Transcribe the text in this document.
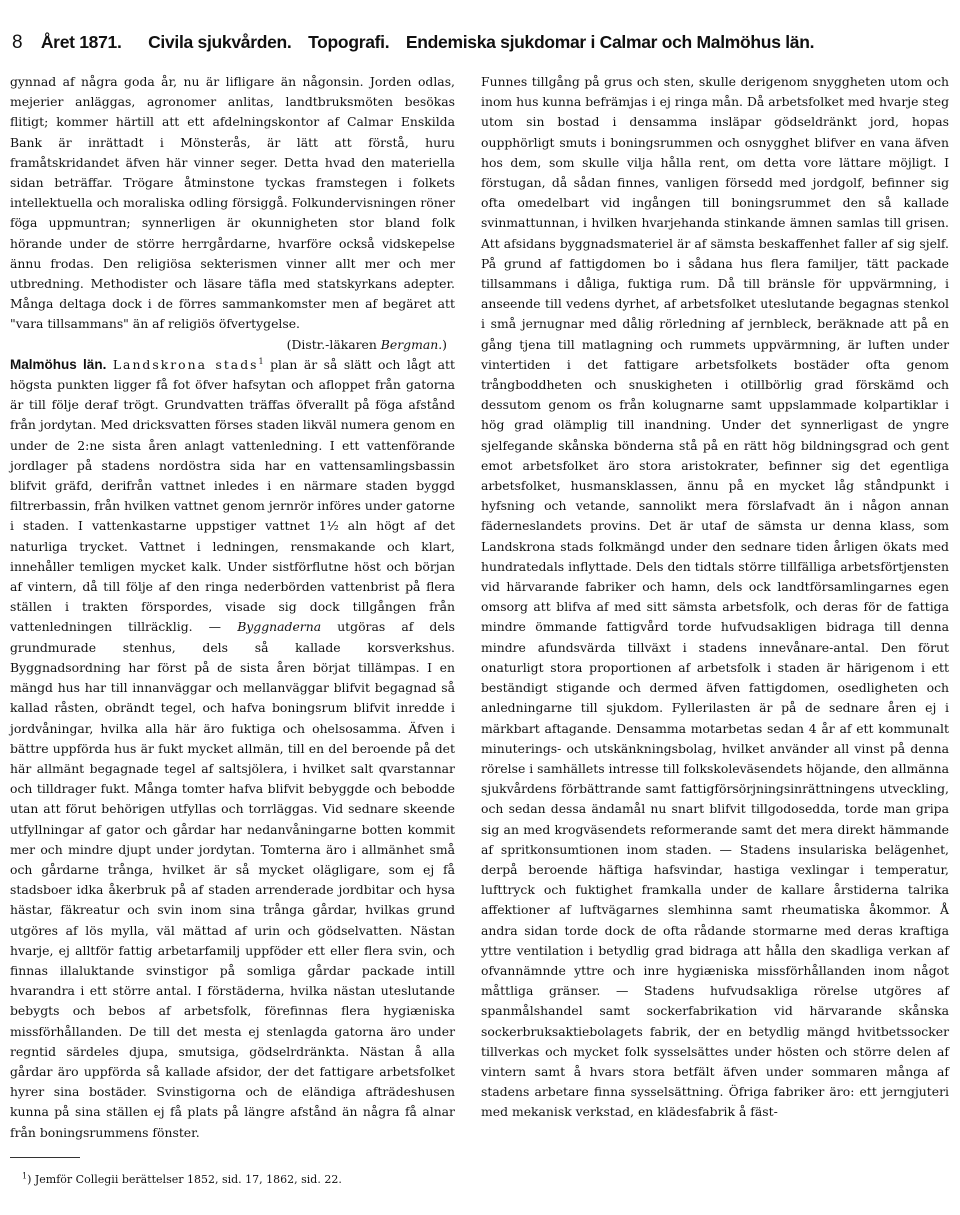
8 Året 1871. Civila sjukvården. Topografi. Endemiska sjukdomar i Calmar och Malmöhus län.

gynnad af några goda år, nu är lifligare än någonsin. Jorden odlas, mejerier anläggas, agronomer anlitas, landtbruksmöten besökas flitigt; kommer härtill att ett afdelningskontor af Calmar Enskilda Bank är inrättadt i Mönsterås, är lätt att förstå, huru framåtskridandet äfven här vinner seger. Detta hvad den materiella sidan beträffar. Trögare åtminstone tyckas framstegen i folkets intellektuella och moraliska odling försiggå. Folkundervisningen röner föga uppmuntran; synnerligen är okunnigheten stor bland folk hörande under de större herrgårdarne, hvarföre också vidskepelse ännu frodas. Den religiösa sekterismen vinner allt mer och mer utbredning. Methodister och läsare täfla med statskyrkans adepter. Många deltaga dock i de förres sammankomster men af begäret att "vara tillsammans" än af religiös öfvertygelse.

(Distr.-läkaren Bergman.)

Malmöhus län. Landskrona stads$^1$ plan är så slätt och lågt att högsta punkten ligger få fot öfver hafsytan och afloppet från gatorna är till följe deraf trögt. Grundvatten träffas öfverallt på föga afstånd från jordytan. Med dricksvatten förses staden likväl numera genom en under de 2:ne sista åren anlagt vattenledning. I ett vattenförande jordlager på stadens nordöstra sida har en vattensamlingsbassin blifvit gräfd, derifrån vattnet inledes i en närmare staden byggd filtrerbassin, från hvilken vattnet genom jernrör införes under gatorne i staden. I vattenkastarne uppstiger vattnet 1½ aln högt af det naturliga trycket. Vattnet i ledningen, rensmakande och klart, innehåller temligen mycket kalk. Under sistförflutne höst och början af vintern, då till följe af den ringa nederbörden vattenbrist på flera ställen i trakten förspordes, visade sig dock tillgången från vattenledningen tillräcklig. — Byggnaderna utgöras af dels grundmurade stenhus, dels så kallade korsverkshus. Byggnadsordning har först på de sista åren börjat tillämpas. I en mängd hus har till innanväggar och mellanväggar blifvit begagnad så kallad råsten, obrändt tegel, och hafva boningsrum blifvit inredde i jordvåningar, hvilka alla här äro fuktiga och ohelsosamma. Äfven i bättre uppförda hus är fukt mycket allmän, till en del beroende på det här allmänt begagnade tegel af saltsjölera, i hvilket salt qvarstannar och tilldrager fukt. Många tomter hafva blifvit bebyggde och bebodde utan att förut behörigen utfyllas och torrläggas. Vid sednare skeende utfyllningar af gator och gårdar har nedanvåningarne botten kommit mer och mindre djupt under jordytan. Tomterna äro i allmänhet små och gårdarne trånga, hvilket är så mycket olägligare, som ej få stadsboer idka åkerbruk på af staden arrenderade jordbitar och hysa hästar, fäkreatur och svin inom sina trånga gårdar, hvilkas grund utgöres af lös mylla, väl mättad af urin och gödselvatten. Nästan hvarje, ej alltför fattig arbetarfamilj uppföder ett eller flera svin, och finnas illaluktande svinstigor på somliga gårdar packade intill hvarandra i ett större antal. I förstäderna, hvilka nästan uteslutande bebygts och bebos af arbetsfolk, förefinnas flera hygiæniska missförhållanden. De till det mesta ej stenlagda gatorna äro under regntid särdeles djupa, smutsiga, gödselrdränkta. Nästan å alla gårdar äro uppförda så kallade afsidor, der det fattigare arbetsfolket hyrer sina bostäder. Svinstigorna och de eländiga afträdeshusen kunna på sina ställen ej få plats på längre afstånd än några få alnar från boningsrummens fönster.

Funnes tillgång på grus och sten, skulle derigenom snyggheten utom och inom hus kunna befrämjas i ej ringa mån. Då arbetsfolket med hvarje steg utom sin bostad i densamma insläpar gödseldränkt jord, hopas oupphörligt smuts i boningsrummen och osnygghet blifver en vana äfven hos dem, som skulle vilja hålla rent, om detta vore lättare möjligt. I förstugan, då sådan finnes, vanligen försedd med jordgolf, befinner sig ofta omedelbart vid ingången till boningsrummet den så kallade svinmattunnan, i hvilken hvarjehanda stinkande ämnen samlas till grisen. Att afsidans byggnadsmateriel är af sämsta beskaffenhet faller af sig sjelf. På grund af fattigdomen bo i sådana hus flera familjer, tätt packade tillsammans i dåliga, fuktiga rum. Då till bränsle för uppvärmning, i anseende till vedens dyrhet, af arbetsfolket uteslutande begagnas stenkol i små jernugnar med dålig rörledning af jernbleck, beräknade att på en gång tjena till matlagning och rummets uppvärmning, är luften under vintertiden i det fattigare arbetsfolkets bostäder ofta genom trångboddheten och snuskigheten i otillbörlig grad förskämd och dessutom genom os från kolugnarne samt uppslammade kolpartiklar i hög grad olämplig till inandning. Under det synnerligast de yngre sjelfegande skånska bönderna stå på en rätt hög bildningsgrad och gent emot arbetsfolket äro stora aristokrater, befinner sig det egentliga arbetsfolket, husmansklassen, ännu på en mycket låg ståndpunkt i hyfsning och vetande, sannolikt mera förslafvadt än i någon annan fäderneslandets provins. Det är utaf de sämsta ur denna klass, som Landskrona stads folkmängd under den sednare tiden årligen ökats med hundratedals inflyttade. Dels den tidtals större tillfälliga arbetsförtjensten vid härvarande fabriker och hamn, dels ock landtförsamlingarnes egen omsorg att blifva af med sitt sämsta arbetsfolk, och deras för de fattiga mindre ömmande fattigvård torde hufvudsakligen bidraga till denna mindre afundsvärda tillväxt i stadens innevånare-antal. Den förut onaturligt stora proportionen af arbetsfolk i staden är härigenom i ett beständigt stigande och dermed äfven fattigdomen, osedligheten och anledningarne till sjukdom. Fyllerilasten är på de sednare åren ej i märkbart aftagande. Densamma motarbetas sedan 4 år af ett kommunalt minuterings- och utskänkningsbolag, hvilket använder all vinst på denna rörelse i samhällets intresse till folkskoleväsendets höjande, den allmänna sjukvårdens förbättrande samt fattigförsörjningsinrättningens utveckling, och sedan dessa ändamål nu snart blifvit tillgodosedda, torde man gripa sig an med krogväsendets reformerande samt det mera direkt hämmande af spritkonsumtionen inom staden. — Stadens insulariska belägenhet, derpå beroende häftiga hafsvindar, hastiga vexlingar i temperatur, lufttryck och fuktighet framkalla under de kallare årstiderna talrika affektioner af luftvägarnes slemhinna samt rheumatiska åkommor. Å andra sidan torde dock de ofta rådande stormarne med deras kraftiga yttre ventilation i betydlig grad bidraga att hålla den skadliga verkan af ofvannämnde yttre och inre hygiæniska missförhållanden inom något måttliga gränser. — Stadens hufvudsakliga rörelse utgöres af spanmålshandel samt sockerfabrikation vid härvarande skånska sockerbruksaktiebolagets fabrik, der en betydlig mängd hvitbetssocker tillverkas och mycket folk sysselsättes under hösten och större delen af vintern samt å hvars stora betfält äfven under sommaren många af stadens arbetare finna sysselsättning. Öfriga fabriker äro: ett jerngjuteri med mekanisk verkstad, en klädesfabrik å fäst-

$^1$) Jemför Collegii berättelser 1852, sid. 17, 1862, sid. 22.
